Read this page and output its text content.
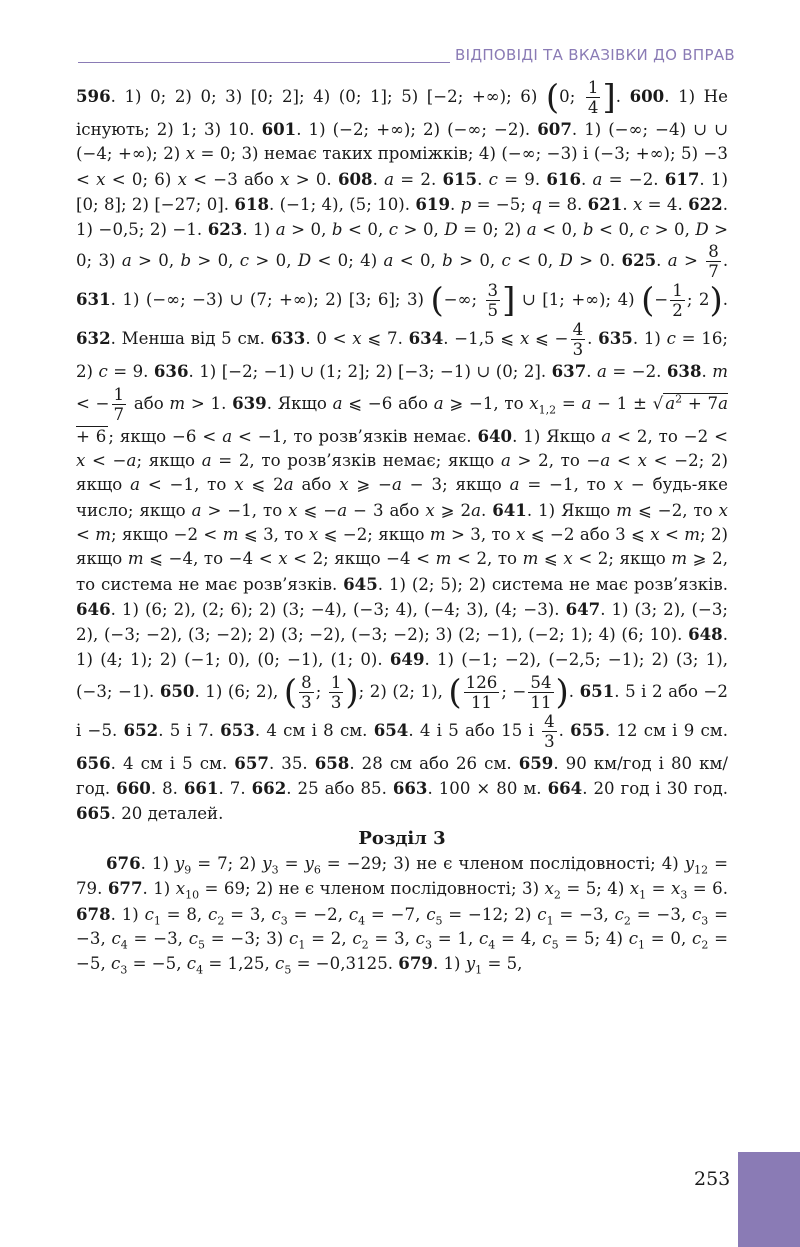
ВІДПОВІДІ ТА ВКАЗІВКИ ДО ВПРАВ

596. 1) 0; 2) 0; 3) [0; 2]; 4) (0; 1]; 5) [−2; +∞); 6) (0; $\frac{1}{4}$ ]. 600. 1) Не існують; 2) 1; 3) 10. 601. 1) (−2; +∞); 2) (−∞; −2). 607. 1) (−∞; −4) ∪ ∪ (−4; +∞); 2) x = 0; 3) немає таких проміжків; 4) (−∞; −3) і (−3; +∞); 5) −3 < x < 0; 6) x < −3 або x > 0. 608. a = 2. 615. c = 9. 616. a = −2. 617. 1) [0; 8]; 2) [−27; 0]. 618. (−1; 4), (5; 10). 619. p = −5; q = 8. 621. x = 4. 622. 1) −0,5; 2) −1. 623. 1) a > 0, b < 0, c > 0, D = 0; 2) a < 0, b < 0, c > 0, D > 0; 3) a > 0, b > 0, c > 0, D < 0; 4) a < 0, b > 0, c < 0, D > 0. 625. $a > \frac{8}{7}$ . 631. 1) (−∞; −3) ∪ (7; +∞); 2) [3; 6]; 3) (−∞; $\frac{3}{5}$ ] ∪ [1; +∞); 4) (− $\frac{1}{2}$ ; 2). 632. Менша від 5 см. 633. 0 < x ⩽ 7. 634. −1,5 ⩽ x ⩽ − $\frac{4}{3}$ . 635. 1) c = 16; 2) c = 9. 636. 1) [−2; −1) ∪ (1; 2]; 2) [−3; −1) ∪ (0; 2]. 637. a = −2. 638. m < − $\frac{1}{7}$ або m > 1. 639. Якщо a ⩽ −6 або a ⩾ −1, то $x_{1,2} = a - 1$ ± √ $a^2 + 7a + 6$ ; якщо −6 < a < −1, то розв’язків немає. 640. 1) Якщо a < 2, то −2 < x < −a; якщо a = 2, то розв’язків немає; якщо a > 2, то −a < x < −2; 2) якщо a < −1, то x ⩽ 2a або x ⩾ −a − 3; якщо a = −1, то x − будь-яке число; якщо a > −1, то x ⩽ −a − 3 або x ⩾ 2a. 641. 1) Якщо m ⩽ −2, то x < m; якщо −2 < m ⩽ 3, то x ⩽ −2; якщо m > 3, то x ⩽ −2 або 3 ⩽ x < m; 2) якщо m ⩽ −4, то −4 < x < 2; якщо −4 < m < 2, то m ⩽ x < 2; якщо m ⩾ 2, то система не має розв’язків. 645. 1) (2; 5); 2) система не має розв’язків. 646. 1) (6; 2), (2; 6); 2) (3; −4), (−3; 4), (−4; 3), (4; −3). 647. 1) (3; 2), (−3; 2), (−3; −2), (3; −2); 2) (3; −2), (−3; −2); 3) (2; −1), (−2; 1); 4) (6; 10). 648. 1) (4; 1); 2) (−1; 0), (0; −1), (1; 0). 649. 1) (−1; −2), (−2,5; −1); 2) (3; 1), (−3; −1). 650. 1) (6; 2), ( $\frac{8}{3}$ ; $\frac{1}{3}$ ); 2) (2; 1), ( $\frac{126}{11}$ ; − $\frac{54}{11}$ ). 651. 5 і 2 або −2 і −5. 652. 5 і 7. 653. 4 см і 8 см. 654. 4 і 5 або 15 і $\frac{4}{3}$ . 655. 12 см і 9 см. 656. 4 см і 5 см. 657. 35. 658. 28 см або 26 см. 659. 90 км/год і 80 км/год. 660. 8. 661. 7. 662. 25 або 85. 663. 100 × 80 м. 664. 20 год і 30 год. 665. 20 деталей.

Розділ 3

676. 1) $y_9 = 7$; 2) $y_3 = y_6 = -29$; 3) не є членом послідовності; 4) $y_{12} = 79$. 677. 1) $x_{10} = 69$; 2) не є членом послідовності; 3) $x_2 = 5$; 4) $x_1 = x_3 = 6$. 678. 1) $c_1 = 8$, $c_2 = 3$, $c_3 = -2$, $c_4 = -7$, $c_5 = -12$; 2) $c_1 = -3$, $c_2 = -3$, $c_3 = -3$, $c_4 = -3$, $c_5 = -3$; 3) $c_1 = 2$, $c_2 = 3$, $c_3 = 1$, $c_4 = 4$, $c_5 = 5$; 4) $c_1 = 0$, $c_2 = -5$, $c_3 = -5$, $c_4 = 1,25$, $c_5 = -0,3125$. 679. 1) $y_1 = 5$,

253
